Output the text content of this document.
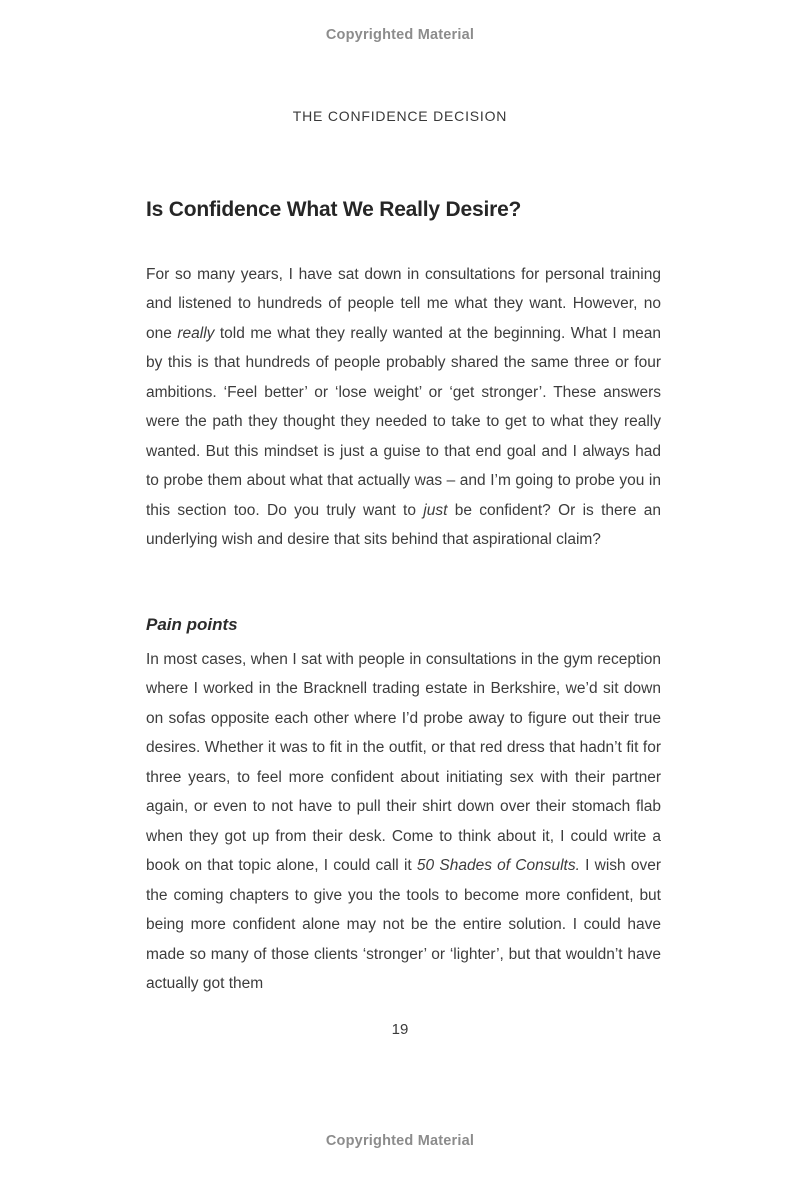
Copyrighted Material
THE CONFIDENCE DECISION
Is Confidence What We Really Desire?

For so many years, I have sat down in consultations for personal training and listened to hundreds of people tell me what they want. However, no one really told me what they really wanted at the beginning. What I mean by this is that hundreds of people probably shared the same three or four ambitions. ‘Feel better’ or ‘lose weight’ or ‘get stronger’. These answers were the path they thought they needed to take to get to what they really wanted. But this mindset is just a guise to that end goal and I always had to probe them about what that actually was – and I’m going to probe you in this section too. Do you truly want to just be confident? Or is there an underlying wish and desire that sits behind that aspirational claim?

Pain points

In most cases, when I sat with people in consultations in the gym reception where I worked in the Bracknell trading estate in Berkshire, we’d sit down on sofas opposite each other where I’d probe away to figure out their true desires. Whether it was to fit in the outfit, or that red dress that hadn’t fit for three years, to feel more confident about initiating sex with their partner again, or even to not have to pull their shirt down over their stomach flab when they got up from their desk. Come to think about it, I could write a book on that topic alone, I could call it 50 Shades of Consults. I wish over the coming chapters to give you the tools to become more confident, but being more confident alone may not be the entire solution. I could have made so many of those clients ‘stronger’ or ‘lighter’, but that wouldn’t have actually got them

19
Copyrighted Material
